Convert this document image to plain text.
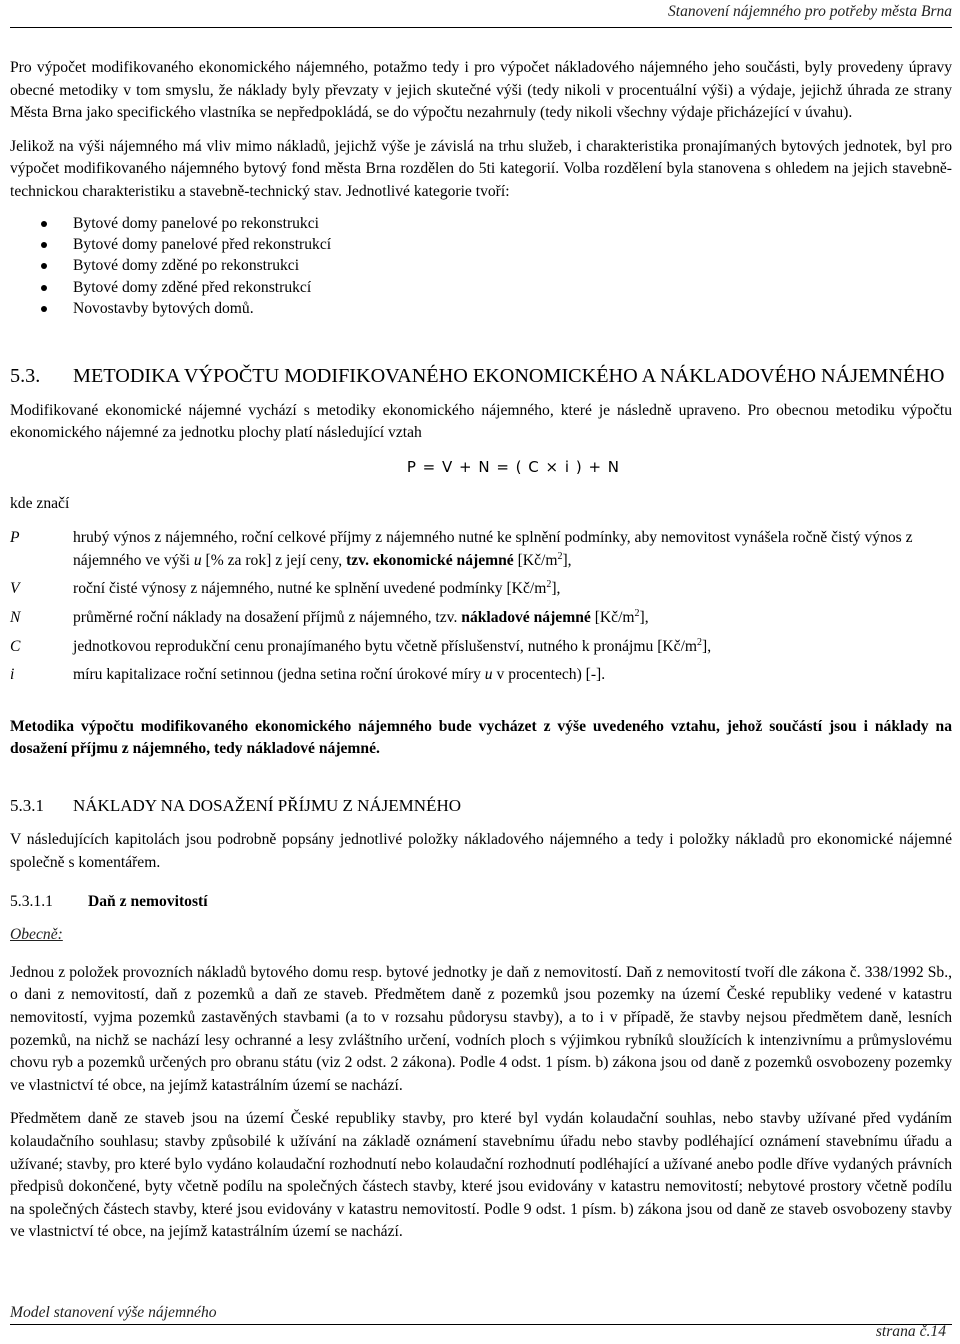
Stanovení nájemného pro potřeby města Brna

Pro výpočet modifikovaného ekonomického nájemného, potažmo tedy i pro výpočet nákladového nájemného jeho součásti, byly provedeny úpravy obecné metodiky v tom smyslu, že náklady byly převzaty v jejich skutečné výši (tedy nikoli v procentuální výši) a výdaje, jejichž úhrada ze strany Města Brna jako specifického vlastníka se nepředpokládá, se do výpočtu nezahrnuly (tedy nikoli všechny výdaje přicházející v úvahu).

Jelikož na výši nájemného má vliv mimo nákladů, jejichž výše je závislá na trhu služeb, i charakteristika pronajímaných bytových jednotek, byl pro výpočet modifikovaného nájemného bytový fond města Brna rozdělen do 5ti kategorií. Volba rozdělení byla stanovena s ohledem na jejich stavebně-technickou charakteristiku a stavebně-technický stav. Jednotlivé kategorie tvoří:

Bytové domy panelové po rekonstrukci
Bytové domy panelové před rekonstrukcí
Bytové domy zděné po rekonstrukci
Bytové domy zděné před rekonstrukcí
Novostavby bytových domů.
5.3. METODIKA VÝPOČTU MODIFIKOVANÉHO EKONOMICKÉHO A NÁKLADOVÉHO NÁJEMNÉHO

Modifikované ekonomické nájemné vychází s metodiky ekonomického nájemného, které je následně upraveno. Pro obecnou metodiku výpočtu ekonomického nájemné za jednotku plochy platí následující vztah

P = V + N = ( C × i ) + N

kde značí

P	hrubý výnos z nájemného, roční celkové příjmy z nájemného nutné ke splnění podmínky, aby nemovitost vynášela ročně čistý výnos z nájemného ve výši u [% za rok] z její ceny, tzv. ekonomické nájemné $[Kč/m^2]$,
V	roční čisté výnosy z nájemného, nutné ke splnění uvedené podmínky $[Kč/m^2]$,
N	průměrné roční náklady na dosažení příjmů z nájemného, tzv. nákladové nájemné $[Kč/m^2]$,
C	jednotkovou reprodukční cenu pronajímaného bytu včetně příslušenství, nutného k pronájmu $[Kč/m^2]$,
i	míru kapitalizace roční setinnou (jedna setina roční úrokové míry u v procentech) [-].

Metodika výpočtu modifikovaného ekonomického nájemného bude vycházet z výše uvedeného vztahu, jehož součástí jsou i náklady na dosažení příjmu z nájemného, tedy nákladové nájemné.

5.3.1 NÁKLADY NA DOSAŽENÍ PŘÍJMU Z NÁJEMNÉHO

V následujících kapitolách jsou podrobně popsány jednotlivé položky nákladového nájemného a tedy i položky nákladů pro ekonomické nájemné společně s komentářem.

5.3.1.1 Daň z nemovitostí
Obecně:

Jednou z položek provozních nákladů bytového domu resp. bytové jednotky je daň z nemovitostí. Daň z nemovitostí tvoří dle zákona č. 338/1992 Sb., o dani z nemovitostí, daň z pozemků a daň ze staveb. Předmětem daně z pozemků jsou pozemky na území České republiky vedené v katastru nemovitostí, vyjma pozemků zastavěných stavbami (a to v rozsahu půdorysu stavby), a to i v případě, že stavby nejsou předmětem daně, lesních pozemků, na nichž se nachází lesy ochranné a lesy zvláštního určení, vodních ploch s výjimkou rybníků sloužících k intenzivnímu a průmyslovému chovu ryb a pozemků určených pro obranu státu (viz 2 odst. 2 zákona). Podle 4 odst. 1 písm. b) zákona jsou od daně z pozemků osvobozeny pozemky ve vlastnictví té obce, na jejímž katastrálním území se nachází.

Předmětem daně ze staveb jsou na území České republiky stavby, pro které byl vydán kolaudační souhlas, nebo stavby užívané před vydáním kolaudačního souhlasu; stavby způsobilé k užívání na základě oznámení stavebnímu úřadu nebo stavby podléhající oznámení stavebnímu úřadu a užívané; stavby, pro které bylo vydáno kolaudační rozhodnutí nebo kolaudační rozhodnutí podléhající a užívané anebo podle dříve vydaných právních předpisů dokončené, byty včetně podílu na společných částech stavby, které jsou evidovány v katastru nemovitostí; nebytové prostory včetně podílu na společných částech stavby, které jsou evidovány v katastru nemovitostí. Podle 9 odst. 1 písm. b) zákona jsou od daně ze staveb osvobozeny stavby ve vlastnictví té obce, na jejímž katastrálním území se nachází.

Model stanovení výše nájemného
strana č.14
